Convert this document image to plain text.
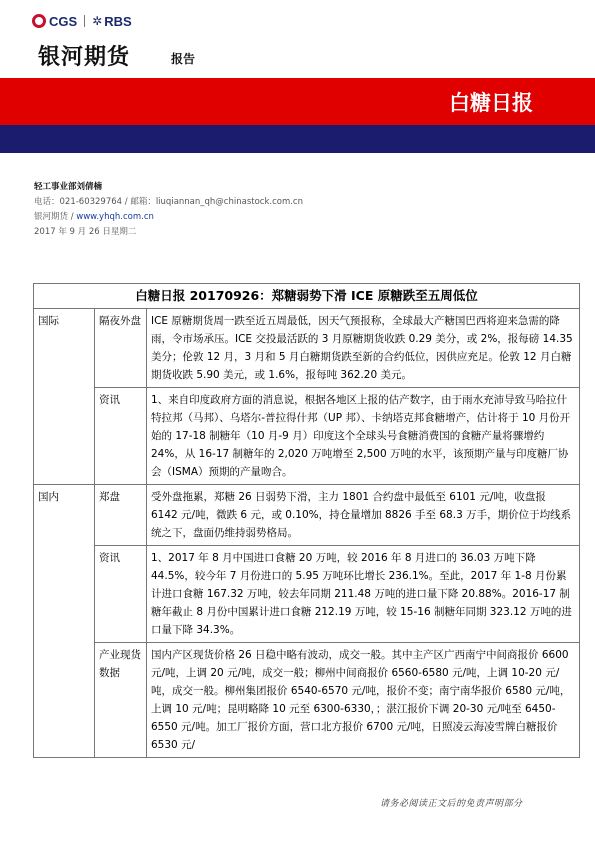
CGS ✲ RBS
银河期货	报告
白糖日报
轻工事业部刘倩楠
电话：021-60329764 / 邮箱：liuqiannan_qh@chinastock.com.cn
银河期货 / www.yhqh.com.cn
2017 年 9 月 26 日星期二
白糖日报 20170926：郑糖弱势下滑 ICE 原糖跌至五周低位		
国际	隔夜外盘	ICE 原糖期货周一跌至近五周最低，因天气预报称，全球最大产糖国巴西将迎来急需的降雨，令市场承压。ICE 交投最活跃的 3 月原糖期货收跌 0.29 美分，或 2%，报每磅 14.35 美分；伦敦 12 月，3 月和 5 月白糖期货跌至新的合约低位，因供应充足。伦敦 12 月白糖期货收跌 5.90 美元，或 1.6%，报每吨 362.20 美元。
	资讯	1、来自印度政府方面的消息说，根据各地区上报的估产数字，由于雨水充沛导致马哈拉什特拉邦（马邦）、乌塔尔-普拉得什邦（UP 邦）、卡纳塔克邦食糖增产，估计将于 10 月份开始的 17-18 制糖年（10 月-9 月）印度这个全球头号食糖消费国的食糖产量将骤增约 24%，从 16-17 制糖年的 2,020 万吨增至 2,500 万吨的水平，该预期产量与印度糖厂协会（ISMA）预期的产量吻合。
国内	郑盘	受外盘拖累，郑糖 26 日弱势下滑，主力 1801 合约盘中最低至 6101 元/吨，收盘报 6142 元/吨，微跌 6 元，或 0.10%，持仓量增加 8826 手至 68.3 万手，期价位于均线系统之下，盘面仍维持弱势格局。
	资讯	1、2017 年 8 月中国进口食糖 20 万吨，较 2016 年 8 月进口的 36.03 万吨下降 44.5%，较今年 7 月份进口的 5.95 万吨环比增长 236.1%。至此，2017 年 1-8 月份累计进口食糖 167.32 万吨，较去年同期 211.48 万吨的进口量下降 20.88%。2016-17 制糖年截止 8 月份中国累计进口食糖 212.19 万吨，较 15-16 制糖年同期 323.12 万吨的进口量下降 34.3%。
	产业现货数据	国内产区现货价格 26 日稳中略有波动，成交一般。其中主产区广西南宁中间商报价 6600 元/吨，上调 20 元/吨，成交一般；柳州中间商报价 6560-6580 元/吨，上调 10-20 元/吨，成交一般。柳州集团报价 6540-6570 元/吨，报价不变；南宁南华报价 6580 元/吨，上调 10 元/吨；昆明略降 10 元至 6300-6330，；湛江报价下调 20-30 元/吨至 6450-6550 元/吨。加工厂报价方面，营口北方报价 6700 元/吨，日照凌云海凌雪牌白糖报价 6530 元/
请务必阅读正文后的免责声明部分
